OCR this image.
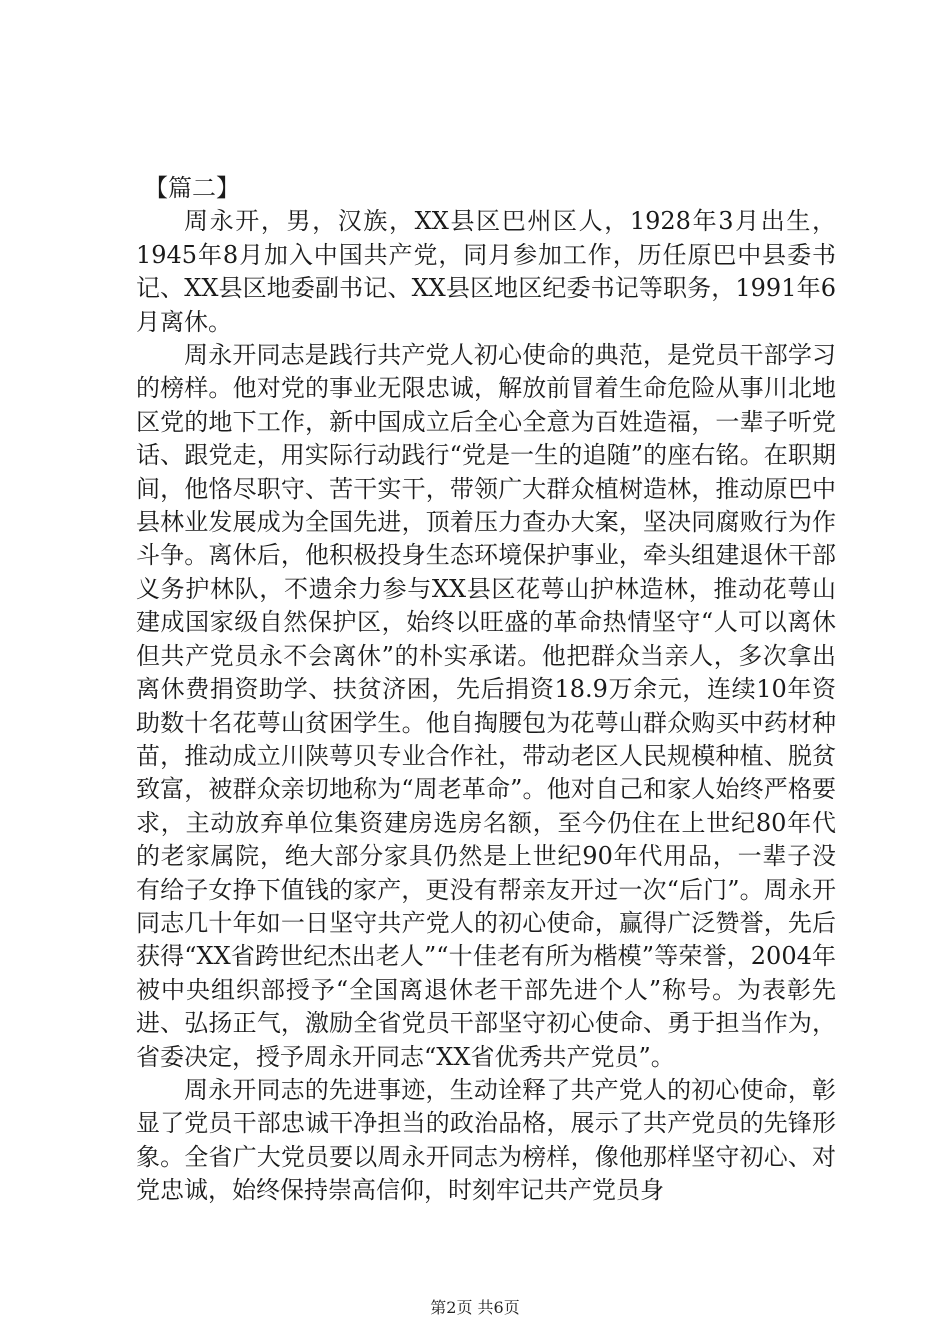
【篇二】

周永开，男，汉族，XX县区巴州区人，1928年3月出生，1945年8月加入中国共产党，同月参加工作，历任原巴中县委书记、XX县区地委副书记、XX县区地区纪委书记等职务，1991年6月离休。

周永开同志是践行共产党人初心使命的典范，是党员干部学习的榜样。他对党的事业无限忠诚，解放前冒着生命危险从事川北地区党的地下工作，新中国成立后全心全意为百姓造福，一辈子听党话、跟党走，用实际行动践行“党是一生的追随”的座右铭。在职期间，他恪尽职守、苦干实干，带领广大群众植树造林，推动原巴中县林业发展成为全国先进，顶着压力查办大案，坚决同腐败行为作斗争。离休后，他积极投身生态环境保护事业，牵头组建退休干部义务护林队，不遗余力参与XX县区花萼山护林造林，推动花萼山建成国家级自然保护区，始终以旺盛的革命热情坚守“人可以离休但共产党员永不会离休”的朴实承诺。他把群众当亲人，多次拿出离休费捐资助学、扶贫济困，先后捐资18.9万余元，连续10年资助数十名花萼山贫困学生。他自掏腰包为花萼山群众购买中药材种苗，推动成立川陕萼贝专业合作社，带动老区人民规模种植、脱贫致富，被群众亲切地称为“周老革命”。他对自己和家人始终严格要求，主动放弃单位集资建房选房名额，至今仍住在上世纪80年代的老家属院，绝大部分家具仍然是上世纪90年代用品，一辈子没有给子女挣下值钱的家产，更没有帮亲友开过一次“后门”。周永开同志几十年如一日坚守共产党人的初心使命，赢得广泛赞誉，先后获得“XX省跨世纪杰出老人”“十佳老有所为楷模”等荣誉，2004年被中央组织部授予“全国离退休老干部先进个人”称号。为表彰先进、弘扬正气，激励全省党员干部坚守初心使命、勇于担当作为，省委决定，授予周永开同志“XX省优秀共产党员”。

周永开同志的先进事迹，生动诠释了共产党人的初心使命，彰显了党员干部忠诚干净担当的政治品格，展示了共产党员的先锋形象。全省广大党员要以周永开同志为榜样，像他那样坚守初心、对党忠诚，始终保持崇高信仰，时刻牢记共产党员身

第2页 共6页
